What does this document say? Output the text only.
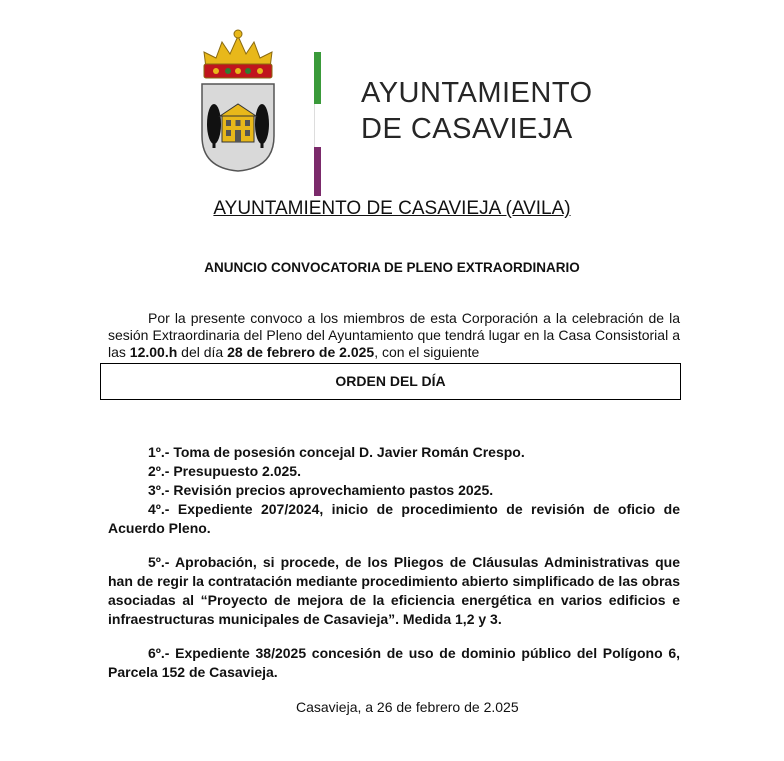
AYUNTAMIENTO
DE CASAVIEJA
AYUNTAMIENTO DE CASAVIEJA (AVILA)
ANUNCIO CONVOCATORIA DE PLENO EXTRAORDINARIO

Por la presente convoco a los miembros de esta Corporación a la celebración de la sesión Extraordinaria del Pleno del Ayuntamiento que tendrá lugar en la Casa Consistorial a las 12.00.h del día 28 de febrero de 2.025, con el siguiente

ORDEN DEL DÍA

1º.- Toma de posesión concejal D. Javier Román Crespo.

2º.- Presupuesto 2.025.

3º.- Revisión precios aprovechamiento pastos 2025.

4º.- Expediente 207/2024, inicio de procedimiento de revisión de oficio de Acuerdo Pleno.

5º.- Aprobación, si procede, de los Pliegos de Cláusulas Administrativas que han de regir la contratación mediante procedimiento abierto simplificado de las obras asociadas al “Proyecto de mejora de la eficiencia energética en varios edificios e infraestructuras municipales de Casavieja”. Medida 1,2 y 3.

6º.- Expediente 38/2025 concesión de uso de dominio público del Polígono 6, Parcela 152 de Casavieja.

Casavieja, a 26 de febrero de 2.025
